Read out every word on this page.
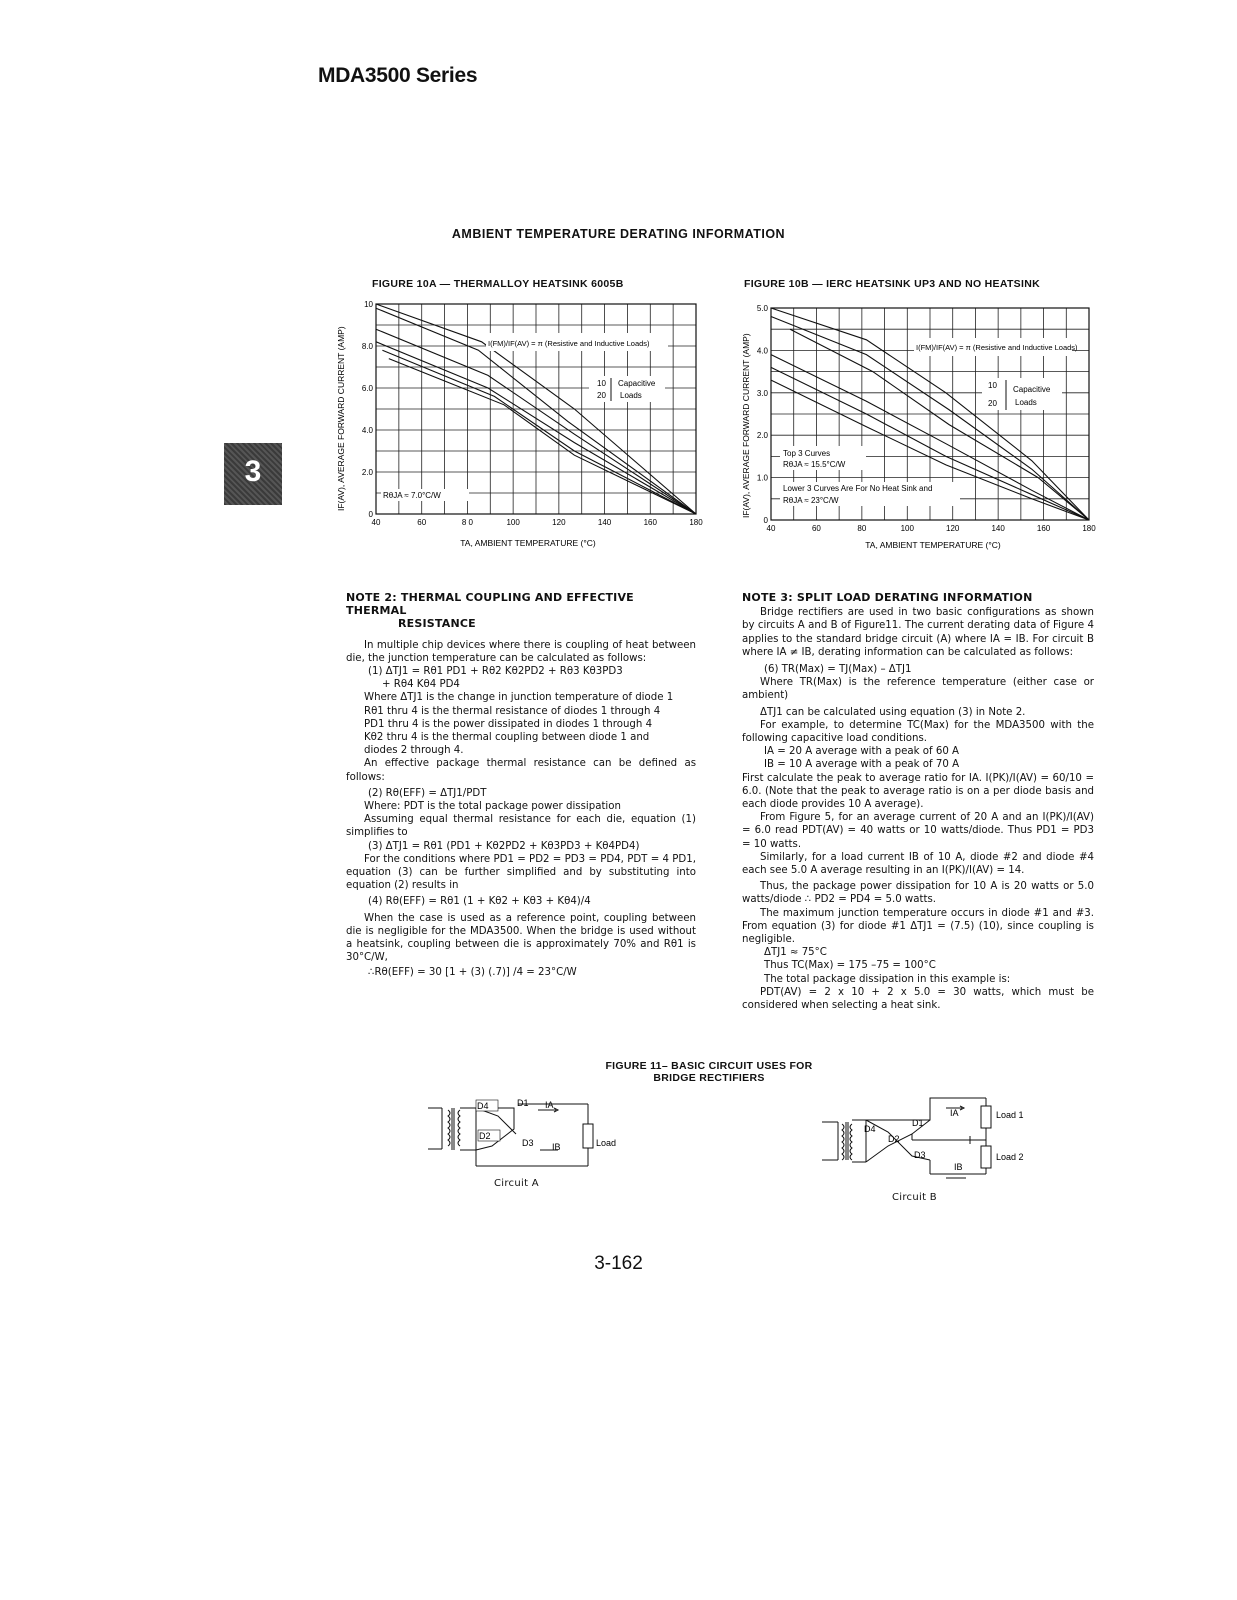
MDA3500 Series
AMBIENT TEMPERATURE DERATING INFORMATION
3
FIGURE 10A — THERMALLOY HEATSINK 6005B
40	60	8 0	100	120	140	160	180
0
2.0
4.0
6.0
8.0
10
IF(AV), AVERAGE FORWARD CURRENT (AMP)
TA, AMBIENT TEMPERATURE (°C)
I(FM)/IF(AV) = π (Resistive and Inductive Loads)
10
20
Capacitive
Loads
RθJA ≈ 7.0°C/W
FIGURE 10B — IERC HEATSINK UP3 AND NO HEATSINK
40	60	80	100	120	140	160	180
0
1.0
2.0
3.0
4.0
5.0
IF(AV), AVERAGE FORWARD CURRENT (AMP)
TA, AMBIENT TEMPERATURE (°C)
I(FM)/IF(AV) = π (Resistive and Inductive Loads)
10
20
Capacitive
Loads
Top 3 Curves
RθJA ≈ 15.5°C/W
Lower 3 Curves Are For No Heat Sink and
RθJA ≈ 23°C/W

NOTE 2: THERMAL COUPLING AND EFFECTIVE THERMAL
RESISTANCE

In multiple chip devices where there is coupling of heat between die, the junction temperature can be calculated as follows:

(1) ΔTJ1 = Rθ1 PD1 + Rθ2 Kθ2PD2 + Rθ3 Kθ3PD3

+ Rθ4 Kθ4 PD4

Where ΔTJ1 is the change in junction temperature of diode 1

Rθ1 thru 4 is the thermal resistance of diodes 1 through 4

PD1 thru 4 is the power dissipated in diodes 1 through 4

Kθ2 thru 4 is the thermal coupling between diode 1 and

diodes 2 through 4.

An effective package thermal resistance can be defined as follows:

(2) Rθ(EFF) = ΔTJ1/PDT

Where: PDT is the total package power dissipation

Assuming equal thermal resistance for each die, equation (1) simplifies to

(3) ΔTJ1 = Rθ1 (PD1 + Kθ2PD2 + Kθ3PD3 + Kθ4PD4)

For the conditions where PD1 = PD2 = PD3 = PD4, PDT = 4 PD1, equation (3) can be further simplified and by substituting into equation (2) results in

(4) Rθ(EFF) = Rθ1 (1 + Kθ2 + Kθ3 + Kθ4)/4

When the case is used as a reference point, coupling between die is negligible for the MDA3500. When the bridge is used without a heatsink, coupling between die is approximately 70% and Rθ1 is 30°C/W,

∴Rθ(EFF) = 30 [1 + (3) (.7)] /4 = 23°C/W

NOTE 3: SPLIT LOAD DERATING INFORMATION

Bridge rectifiers are used in two basic configurations as shown by circuits A and B of Figure11. The current derating data of Figure 4 applies to the standard bridge circuit (A) where IA = IB. For circuit B where IA ≠ IB, derating information can be calculated as follows:

(6) TR(Max) = TJ(Max) – ΔTJ1

Where TR(Max) is the reference temperature (either case or ambient)

ΔTJ1 can be calculated using equation (3) in Note 2.

For example, to determine TC(Max) for the MDA3500 with the following capacitive load conditions.

IA = 20 A average with a peak of 60 A

IB = 10 A average with a peak of 70 A

First calculate the peak to average ratio for IA. I(PK)/I(AV) = 60/10 = 6.0. (Note that the peak to average ratio is on a per diode basis and each diode provides 10 A average).

From Figure 5, for an average current of 20 A and an I(PK)/I(AV) = 6.0 read PDT(AV) = 40 watts or 10 watts/diode. Thus PD1 = PD3 = 10 watts.

Similarly, for a load current IB of 10 A, diode #2 and diode #4 each see 5.0 A average resulting in an I(PK)/I(AV) = 14.

Thus, the package power dissipation for 10 A is 20 watts or 5.0 watts/diode ∴ PD2 = PD4 = 5.0 watts.

The maximum junction temperature occurs in diode #1 and #3. From equation (3) for diode #1 ΔTJ1 = (7.5) (10), since coupling is negligible.

ΔTJ1 ≈ 75°C

Thus TC(Max) = 175 –75 = 100°C

The total package dissipation in this example is:

PDT(AV) = 2 x 10 + 2 x 5.0 = 30 watts, which must be considered when selecting a heat sink.

FIGURE 11– BASIC CIRCUIT USES FOR
BRIDGE RECTIFIERS
D4	D1 IA
D2
D3 IB	Load
Circuit A
D4
D1
D2
D3
IA
IB
Load 1
Load 2
Circuit B
3-162
